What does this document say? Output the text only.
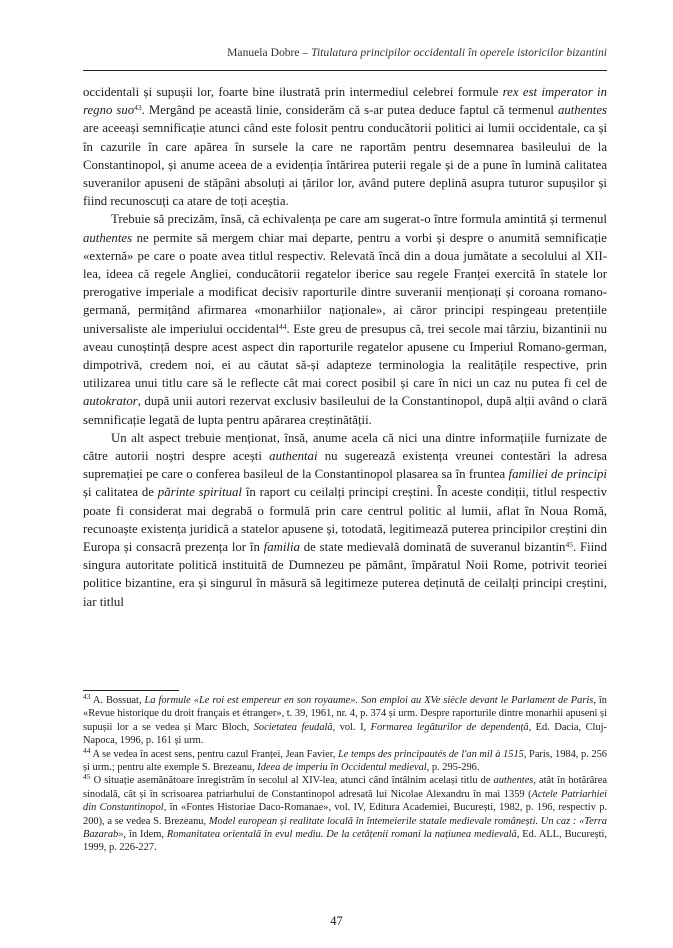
Manuela Dobre – Titulatura principilor occidentali în operele istoricilor bizantini

occidentali și supușii lor, foarte bine ilustrată prin intermediul celebrei formule rex est imperator in regno suo$^{43}$. Mergând pe această linie, considerăm că s-ar putea deduce faptul că termenul authentes are aceeași semnificație atunci când este folosit pentru conducătorii politici ai lumii occidentale, ca și în cazurile în care apărea în sursele la care ne raportăm pentru desemnarea basileului de la Constantinopol, și anume aceea de a evidenția întărirea puterii regale și de a pune în lumină calitatea suveranilor apuseni de stăpâni absoluți ai țărilor lor, având putere deplină asupra tuturor supușilor și fiind recunoscuți ca atare de toți aceștia.

Trebuie să precizăm, însă, că echivalența pe care am sugerat-o între formula amintită și termenul authentes ne permite să mergem chiar mai departe, pentru a vorbi și despre o anumită semnificație «externă» pe care o poate avea titlul respectiv. Relevată încă din a doua jumătate a secolului al XII-lea, ideea că regele Angliei, conducătorii regatelor iberice sau regele Franței exercită în statele lor prerogative imperiale a modificat decisiv raporturile dintre suveranii menționați și coroana romano-germană, permițând afirmarea «monarhiilor naționale», ai căror principi respingeau pretențiile universaliste ale imperiului occidental$^{44}$. Este greu de presupus că, trei secole mai târziu, bizantinii nu aveau cunoștință despre acest aspect din raporturile regatelor apusene cu Imperiul Romano-german, dimpotrivă, credem noi, ei au căutat să-și adapteze terminologia la realitățile respective, prin utilizarea unui titlu care să le reflecte cât mai corect posibil și care în nici un caz nu putea fi cel de autokrator, după unii autori rezervat exclusiv basileului de la Constantinopol, după alții având o clară semnificație legată de lupta pentru apărarea creștinătății.

Un alt aspect trebuie menționat, însă, anume acela că nici una dintre informațiile furnizate de către autorii noștri despre acești authentai nu sugerează existența vreunei contestări la adresa supremației pe care o conferea basileul de la Constantinopol plasarea sa în fruntea familiei de principi și calitatea de părinte spiritual în raport cu ceilalți principi creștini. În aceste condiții, titlul respectiv poate fi considerat mai degrabă o formulă prin care centrul politic al lumii, aflat în Noua Romă, recunoaște existența juridică a statelor apusene și, totodată, legitimează puterea principilor creștini din Europa și consacră prezența lor în familia de state medievală dominată de suveranul bizantin$^{45}$. Fiind singura autoritate politică instituită de Dumnezeu pe pământ, împăratul Noii Rome, potrivit teoriei politice bizantine, era și singurul în măsură să legitimeze puterea deținută de ceilalți principi creștini, iar titlul

$^{43}$ A. Bossuat, La formule «Le roi est empereur en son royaume». Son emploi au XVe siècle devant le Parlament de Paris, în «Revue historique du droit français et étranger», t. 39, 1961, nr. 4, p. 374 și urm. Despre raporturile dintre monarhii apuseni și supușii lor a se vedea și Marc Bloch, Societatea feudală, vol. I, Formarea legăturilor de dependență, Ed. Dacia, Cluj-Napoca, 1996, p. 161 și urm.

$^{44}$ A se vedea în acest sens, pentru cazul Franței, Jean Favier, Le temps des principautés de l'an mil à 1515, Paris, 1984, p. 256 și urm.; pentru alte exemple S. Brezeanu, Ideea de imperiu în Occidentul medieval, p. 295-296.

$^{45}$ O situație asemănătoare înregistrăm în secolul al XIV-lea, atunci când întâlnim același titlu de authentes, atât în hotărârea sinodală, cât și în scrisoarea patriarhului de Constantinopol adresată lui Nicolae Alexandru în mai 1359 (Actele Patriarhiei din Constantinopol, în «Fontes Historiae Daco-Romanae», vol. IV, Editura Academiei, București, 1982, p. 196, respectiv p. 200), a se vedea S. Brezeanu, Model european și realitate locală în întemeierile statale medievale românești. Un caz : «Terra Bazarab», în Idem, Romanitatea orientală în evul mediu. De la cetățenii romani la națiunea medievală, Ed. ALL, București, 1999, p. 226-227.

47
